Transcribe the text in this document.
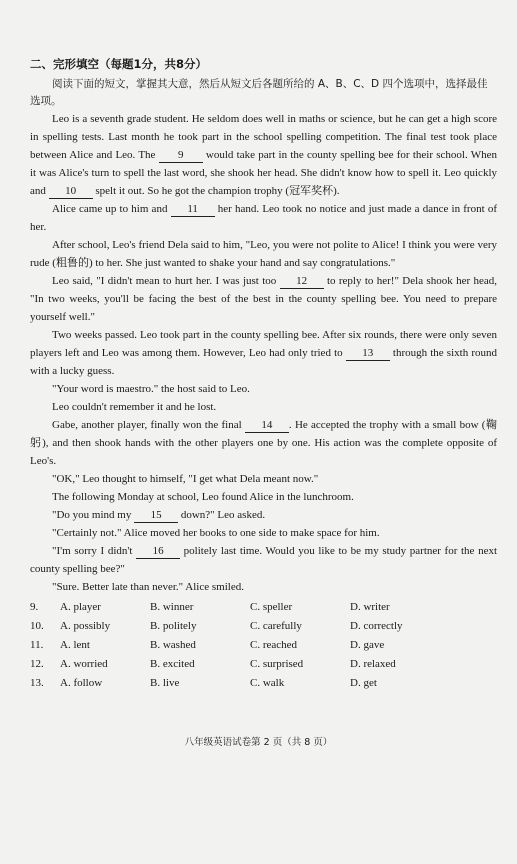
二、完形填空（每题1分，共8分）

阅读下面的短文，掌握其大意，然后从短文后各题所给的 A、B、C、D 四个选项中，选择最佳选项。

Leo is a seventh grade student. He seldom does well in maths or science, but he can get a high score in spelling tests. Last month he took part in the school spelling competition. The final test took place between Alice and Leo. The 9 would take part in the county spelling bee for their school. When it was Alice's turn to spell the last word, she shook her head. She didn't know how to spell it. Leo quickly and 10 spelt it out. So he got the champion trophy (冠军奖杯).

Alice came up to him and 11 her hand. Leo took no notice and just made a dance in front of her.

After school, Leo's friend Dela said to him, "Leo, you were not polite to Alice! I think you were very rude (粗鲁的) to her. She just wanted to shake your hand and say congratulations."

Leo said, "I didn't mean to hurt her. I was just too 12 to reply to her!" Dela shook her head, "In two weeks, you'll be facing the best of the best in the county spelling bee. You need to prepare yourself well."

Two weeks passed. Leo took part in the county spelling bee. After six rounds, there were only seven players left and Leo was among them. However, Leo had only tried to 13 through the sixth round with a lucky guess.

"Your word is maestro." the host said to Leo.

Leo couldn't remember it and he lost.

Gabe, another player, finally won the final 14 . He accepted the trophy with a small bow (鞠躬), and then shook hands with the other players one by one. His action was the complete opposite of Leo's.

"OK," Leo thought to himself, "I get what Dela meant now."

The following Monday at school, Leo found Alice in the lunchroom.

"Do you mind my 15 down?" Leo asked.

"Certainly not." Alice moved her books to one side to make space for him.

"I'm sorry I didn't 16 politely last time. Would you like to be my study partner for the next county spelling bee?"

"Sure. Better late than never." Alice smiled.

9.	A. player	B. winner	C. speller	D. writer
10.	A. possibly	B. politely	C. carefully	D. correctly
11.	A. lent	B. washed	C. reached	D. gave
12.	A. worried	B. excited	C. surprised	D. relaxed
13.	A. follow	B. live	C. walk	D. get
八年级英语试卷第 2 页（共 8 页）
